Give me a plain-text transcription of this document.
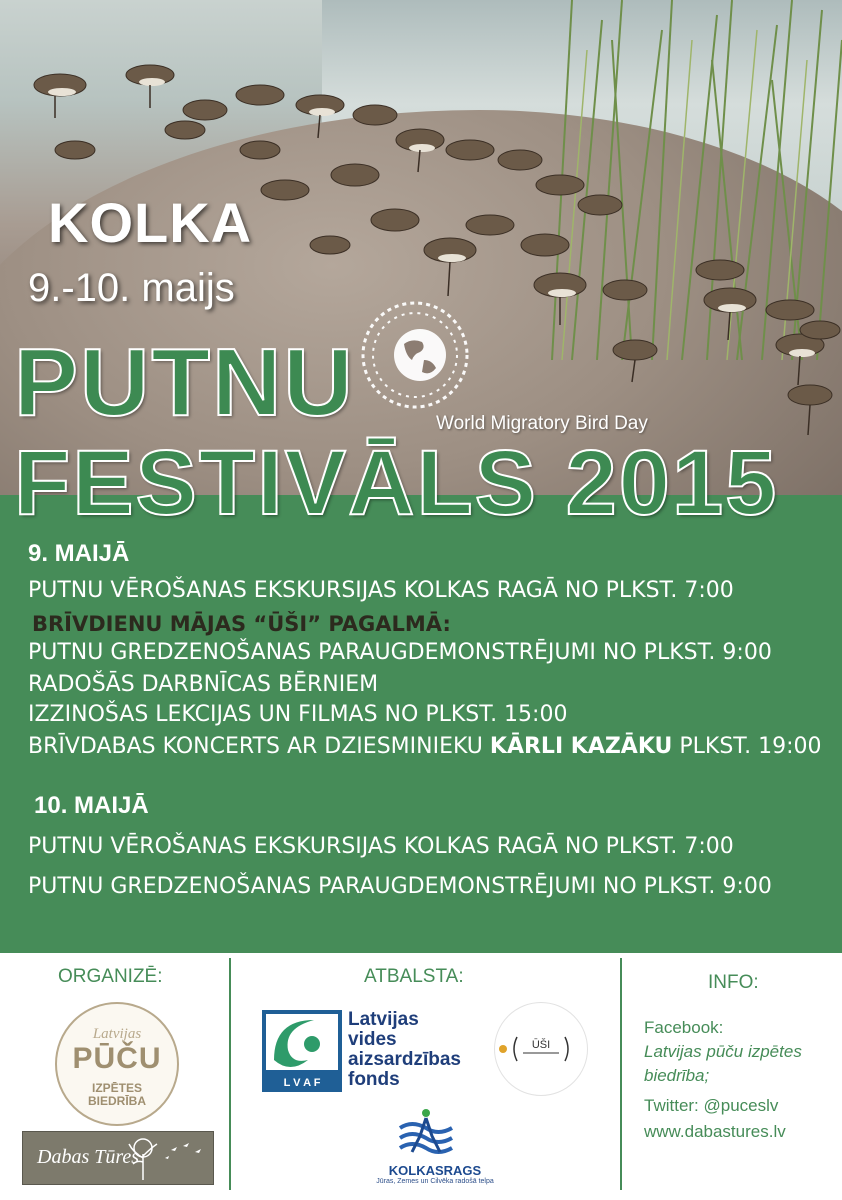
KOLKA
9.-10. maijs
PUTNU	World Migratory Bird Day
FESTIVĀLS 2015
9. MAIJĀ
PUTNU VĒROŠANAS EKSKURSIJAS KOLKAS RAGĀ NO PLKST. 7:00
BRĪVDIENU MĀJAS “ŪŠI” PAGALMĀ:
PUTNU GREDZENOŠANAS PARAUGDEMONSTRĒJUMI NO PLKST. 9:00
RADOŠĀS DARBNĪCAS BĒRNIEM
IZZINOŠAS LEKCIJAS UN FILMAS NO PLKST. 15:00
BRĪVDABAS KONCERTS AR DZIESMINIEKU KĀRLI KAZĀKU PLKST. 19:00
10. MAIJĀ
PUTNU VĒROŠANAS EKSKURSIJAS KOLKAS RAGĀ NO PLKST. 7:00
PUTNU GREDZENOŠANAS PARAUGDEMONSTRĒJUMI NO PLKST. 9:00
ORGANIZĒ:
Latvijas
PŪČU
IZPĒTES
BIEDRĪBA
Dabas Tūres
ATBALSTA:
L V A F
Latvijas
vides
aizsardzības
fonds
ŪŠI
KOLKASRAGS
Jūras, Zemes un Cilvēka radošā telpa
INFO:
Facebook:
Latvijas pūču izpētes
biedrība;
Twitter: @puceslv
www.dabastures.lv
